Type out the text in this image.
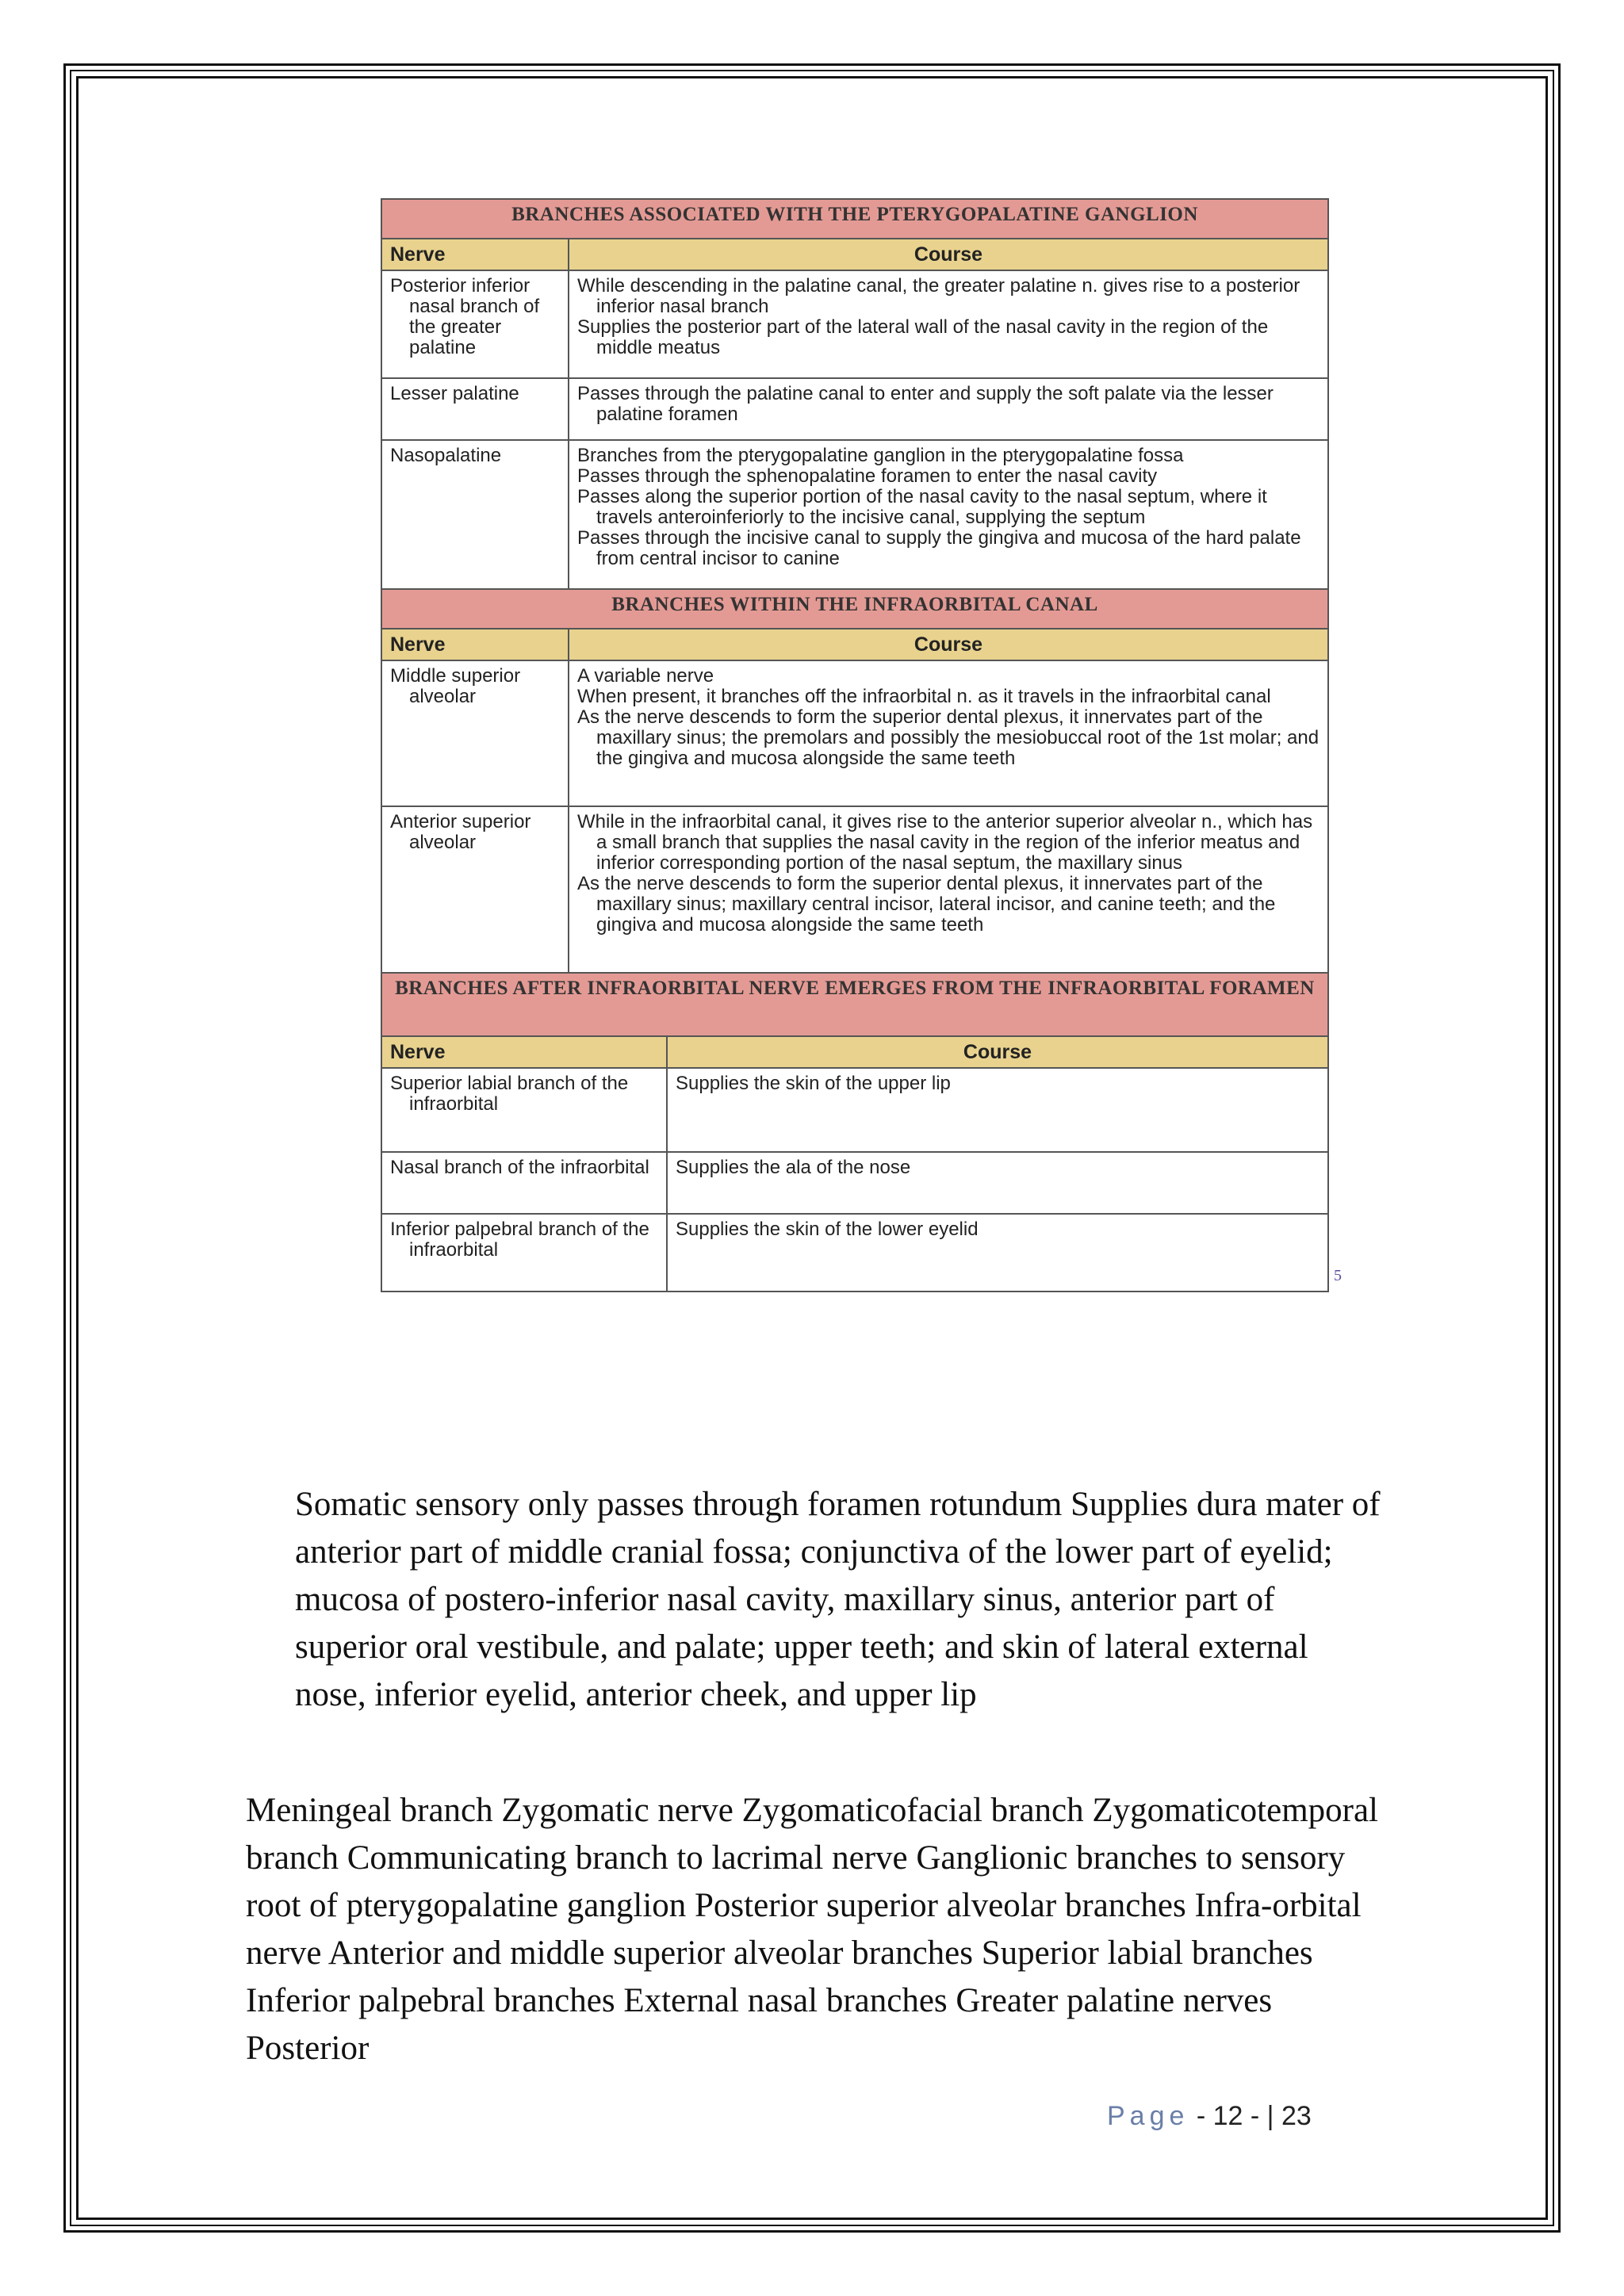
BRANCHES ASSOCIATED WITH THE PTERYGOPALATINE GANGLION	
Nerve	Course

Posterior inferior nasal branch of the greater palatine	While descending in the palatine canal, the greater palatine n. gives rise to a posterior inferior nasal branch

Supplies the posterior part of the lateral wall of the nasal cavity in the region of the middle meatus

Lesser palatine	Passes through the palatine canal to enter and supply the soft palate via the lesser palatine foramen

Nasopalatine	Branches from the pterygopalatine ganglion in the pterygopalatine fossa

Passes through the sphenopalatine foramen to enter the nasal cavity

Passes along the superior portion of the nasal cavity to the nasal septum, where it travels anteroinferiorly to the incisive canal, supplying the septum

Passes through the incisive canal to supply the gingiva and mucosa of the hard palate from central incisor to canine

BRANCHES WITHIN THE INFRAORBITAL CANAL	
Nerve	Course

Middle superior alveolar	A variable nerve

When present, it branches off the infraorbital n. as it travels in the infraorbital canal

As the nerve descends to form the superior dental plexus, it innervates part of the maxillary sinus; the premolars and possibly the mesiobuccal root of the 1st molar; and the gingiva and mucosa alongside the same teeth

Anterior superior alveolar	While in the infraorbital canal, it gives rise to the anterior superior alveolar n., which has a small branch that supplies the nasal cavity in the region of the inferior meatus and inferior corresponding portion of the nasal septum, the maxillary sinus

As the nerve descends to form the superior dental plexus, it innervates part of the maxillary sinus; maxillary central incisor, lateral incisor, and canine teeth; and the gingiva and mucosa alongside the same teeth

BRANCHES AFTER INFRAORBITAL NERVE EMERGES FROM THE INFRAORBITAL FORAMEN	
Nerve	Course

Superior labial branch of the infraorbital	Supplies the skin of the upper lip

Nasal branch of the infraorbital	Supplies the ala of the nose

Inferior palpebral branch of the infraorbital	Supplies the skin of the lower eyelid

5

Somatic sensory only passes through foramen rotundum Supplies dura mater of anterior part of middle cranial fossa; conjunctiva of the lower part of eyelid; mucosa of postero-inferior nasal cavity, maxillary sinus, anterior part of superior oral vestibule, and palate; upper teeth; and skin of lateral external nose, inferior eyelid, anterior cheek, and upper lip

Meningeal branch Zygomatic nerve Zygomaticofacial branch Zygomaticotemporal branch Communicating branch to lacrimal nerve Ganglionic branches to sensory root of pterygopalatine ganglion Posterior superior alveolar branches Infra-orbital nerve Anterior and middle superior alveolar branches Superior labial branches Inferior palpebral branches External nasal branches Greater palatine nerves Posterior

Page - 12 - | 23
